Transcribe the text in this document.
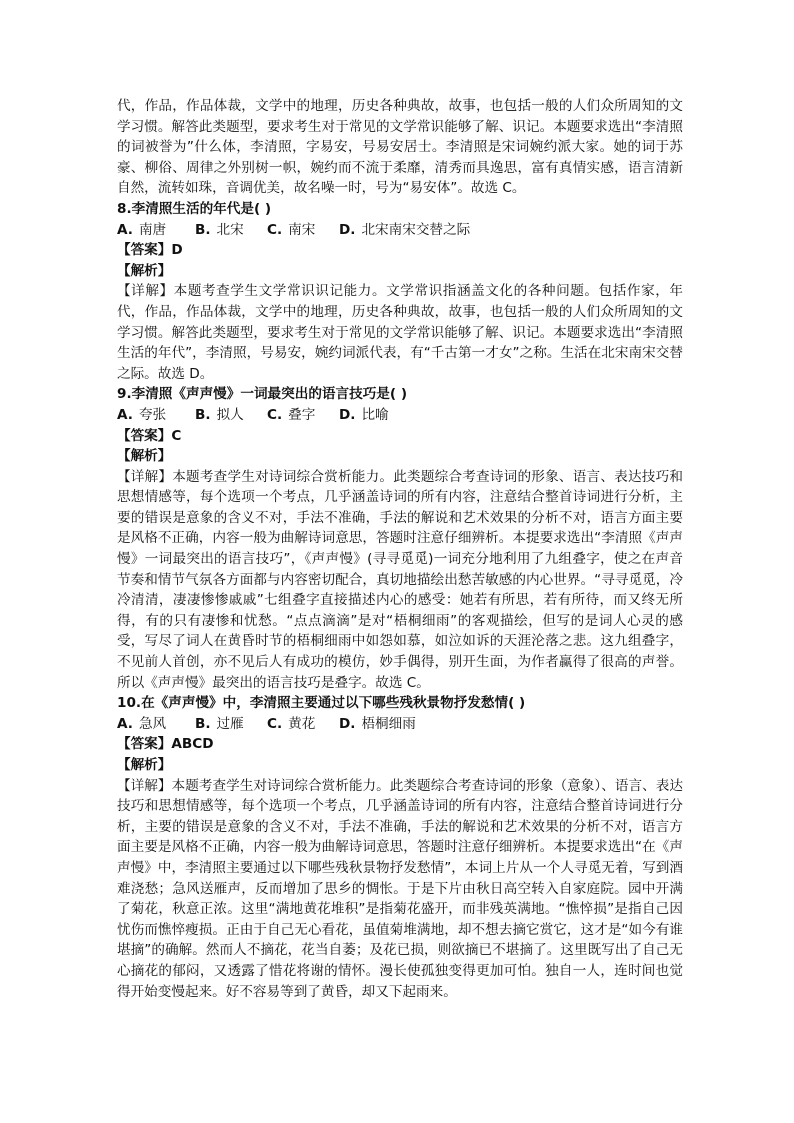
代，作品，作品体裁，文学中的地理，历史各种典故，故事，也包括一般的人们众所周知的文学习惯。解答此类题型，要求考生对于常见的文学常识能够了解、识记。本题要求选出“李清照的词被誉为”什么体，李清照，字易安，号易安居士。李清照是宋词婉约派大家。她的词于苏豪、柳俗、周律之外别树一帜，婉约而不流于柔靡，清秀而具逸思，富有真情实感，语言清新自然，流转如珠，音调优美，故名噪一时，号为“易安体”。故选 C。

8.李清照生活的年代是( )

A. 南唐	B. 北宋	C. 南宋	D. 北宋南宋交替之际

【答案】D

【解析】

【详解】本题考查学生文学常识识记能力。文学常识指涵盖文化的各种问题。包括作家，年代，作品，作品体裁，文学中的地理，历史各种典故，故事，也包括一般的人们众所周知的文学习惯。解答此类题型，要求考生对于常见的文学常识能够了解、识记。本题要求选出“李清照生活的年代”，李清照，号易安，婉约词派代表，有“千古第一才女”之称。生活在北宋南宋交替之际。故选 D。

9.李清照《声声慢》一词最突出的语言技巧是( )

A. 夸张	B. 拟人	C. 叠字	D. 比喻

【答案】C

【解析】

【详解】本题考查学生对诗词综合赏析能力。此类题综合考查诗词的形象、语言、表达技巧和思想情感等，每个选项一个考点，几乎涵盖诗词的所有内容，注意结合整首诗词进行分析，主要的错误是意象的含义不对，手法不准确，手法的解说和艺术效果的分析不对，语言方面主要是风格不正确，内容一般为曲解诗词意思，答题时注意仔细辨析。本提要求选出“李清照《声声慢》一词最突出的语言技巧”，《声声慢》(寻寻觅觅)一词充分地利用了九组叠字，使之在声音节奏和情节气氛各方面都与内容密切配合，真切地描绘出愁苦敏感的内心世界。“寻寻觅觅，冷冷清清，凄凄惨惨戚戚”七组叠字直接描述内心的感受：她若有所思，若有所待，而又终无所得，有的只有凄惨和忧愁。“点点滴滴”是对“梧桐细雨”的客观描绘，但写的是词人心灵的感受，写尽了词人在黄昏时节的梧桐细雨中如怨如慕，如泣如诉的天涯沦落之悲。这九组叠字，不见前人首创，亦不见后人有成功的模仿，妙手偶得，别开生面，为作者赢得了很高的声誉。所以《声声慢》最突出的语言技巧是叠字。故选 C。

10.在《声声慢》中，李清照主要通过以下哪些残秋景物抒发愁情( )

A. 急风	B. 过雁	C. 黄花	D. 梧桐细雨

【答案】ABCD

【解析】

【详解】本题考查学生对诗词综合赏析能力。此类题综合考查诗词的形象（意象）、语言、表达技巧和思想情感等，每个选项一个考点，几乎涵盖诗词的所有内容，注意结合整首诗词进行分析，主要的错误是意象的含义不对，手法不准确，手法的解说和艺术效果的分析不对，语言方面主要是风格不正确，内容一般为曲解诗词意思，答题时注意仔细辨析。本提要求选出“在《声声慢》中，李清照主要通过以下哪些残秋景物抒发愁情”，本词上片从一个人寻觅无着，写到酒难浇愁；急风送雁声，反而增加了思乡的惆怅。于是下片由秋日高空转入自家庭院。园中开满了菊花，秋意正浓。这里“满地黄花堆积”是指菊花盛开，而非残英满地。“憔悴损”是指自己因忧伤而憔悴瘦损。正由于自己无心看花，虽值菊堆满地，却不想去摘它赏它，这才是“如今有谁堪摘”的确解。然而人不摘花，花当自萎；及花已损，则欲摘已不堪摘了。这里既写出了自己无心摘花的郁闷，又透露了惜花将谢的情怀。漫长使孤独变得更加可怕。独自一人，连时间也觉得开始变慢起来。好不容易等到了黄昏，却又下起雨来。
